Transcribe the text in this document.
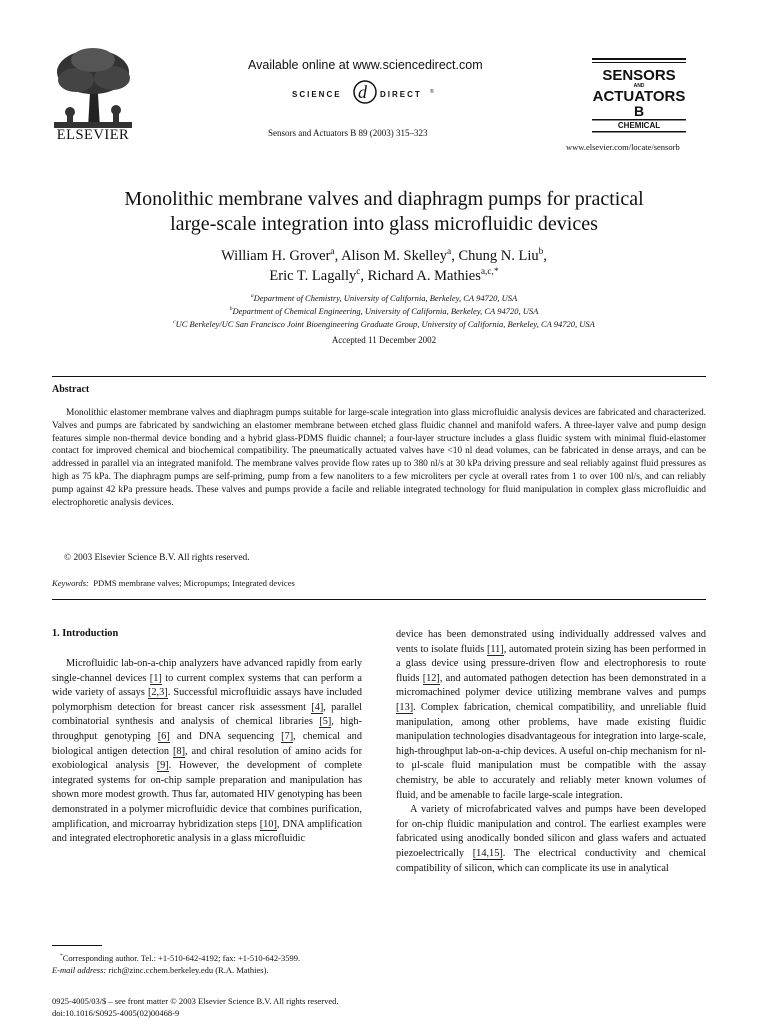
ELSEVIER
Available online at www.sciencedirect.com
SCIENCE d DIRECT ®
Sensors and Actuators B 89 (2003) 315–323
SENSORS
AND
ACTUATORS
B
CHEMICAL
www.elsevier.com/locate/sensorb
Monolithic membrane valves and diaphragm pumps for practical
large-scale integration into glass microfluidic devices
William H. Grover$^a$, Alison M. Skelley$^a$, Chung N. Liu$^b$,
Eric T. Lagally$^c$, Richard A. Mathies$^{a,c,*}$
$^a$Department of Chemistry, University of California, Berkeley, CA 94720, USA
$^b$Department of Chemical Engineering, University of California, Berkeley, CA 94720, USA
$^c$UC Berkeley/UC San Francisco Joint Bioengineering Graduate Group, University of California, Berkeley, CA 94720, USA
Accepted 11 December 2002
Abstract
Monolithic elastomer membrane valves and diaphragm pumps suitable for large-scale integration into glass microfluidic analysis devices are fabricated and characterized. Valves and pumps are fabricated by sandwiching an elastomer membrane between etched glass fluidic channel and manifold wafers. A three-layer valve and pump design features simple non-thermal device bonding and a hybrid glass-PDMS fluidic channel; a four-layer structure includes a glass fluidic system with minimal fluid-elastomer contact for improved chemical and biochemical compatibility. The pneumatically actuated valves have <10 nl dead volumes, can be fabricated in dense arrays, and can be addressed in parallel via an integrated manifold. The membrane valves provide flow rates up to 380 nl/s at 30 kPa driving pressure and seal reliably against fluid pressures as high as 75 kPa. The diaphragm pumps are self-priming, pump from a few nanoliters to a few microliters per cycle at overall rates from 1 to over 100 nl/s, and can reliably pump against 42 kPa pressure heads. These valves and pumps provide a facile and reliable integrated technology for fluid manipulation in complex glass microfluidic and electrophoretic analysis devices.
© 2003 Elsevier Science B.V. All rights reserved.
Keywords: PDMS membrane valves; Micropumps; Integrated devices
1. Introduction

Microfluidic lab-on-a-chip analyzers have advanced rapidly from early single-channel devices [1] to current complex systems that can perform a wide variety of assays [2,3]. Successful microfluidic assays have included polymorphism detection for breast cancer risk assessment [4], parallel combinatorial synthesis and analysis of chemical libraries [5], high-throughput genotyping [6] and DNA sequencing [7], chemical and biological antigen detection [8], and chiral resolution of amino acids for exobiological analysis [9]. However, the development of complete integrated systems for on-chip sample preparation and manipulation has shown more modest growth. Thus far, automated HIV genotyping has been demonstrated in a polymer microfluidic device that combines purification, amplification, and microarray hybridization steps [10], DNA amplification and integrated electrophoretic analysis in a glass microfluidic

device has been demonstrated using individually addressed valves and vents to isolate fluids [11], automated protein sizing has been performed in a glass device using pressure-driven flow and electrophoresis to route fluids [12], and automated pathogen detection has been demonstrated in a micromachined polymer device utilizing membrane valves and pumps [13]. Complex fabrication, chemical compatibility, and unreliable fluid manipulation, among other problems, have made existing fluidic manipulation technologies disadvantageous for integration into large-scale, high-throughput lab-on-a-chip devices. A useful on-chip mechanism for nl- to μl-scale fluid manipulation must be compatible with the assay chemistry, be able to accurately and reliably meter known volumes of fluid, and be amenable to facile large-scale integration.

A variety of microfabricated valves and pumps have been developed for on-chip fluidic manipulation and control. The earliest examples were fabricated using anodically bonded silicon and glass wafers and actuated piezoelectrically [14,15]. The electrical conductivity and chemical compatibility of silicon, which can complicate its use in analytical

*Corresponding author. Tel.: +1-510-642-4192; fax: +1-510-642-3599.
E-mail address: rich@zinc.cchem.berkeley.edu (R.A. Mathies).
0925-4005/03/$ – see front matter © 2003 Elsevier Science B.V. All rights reserved.
doi:10.1016/S0925-4005(02)00468-9
